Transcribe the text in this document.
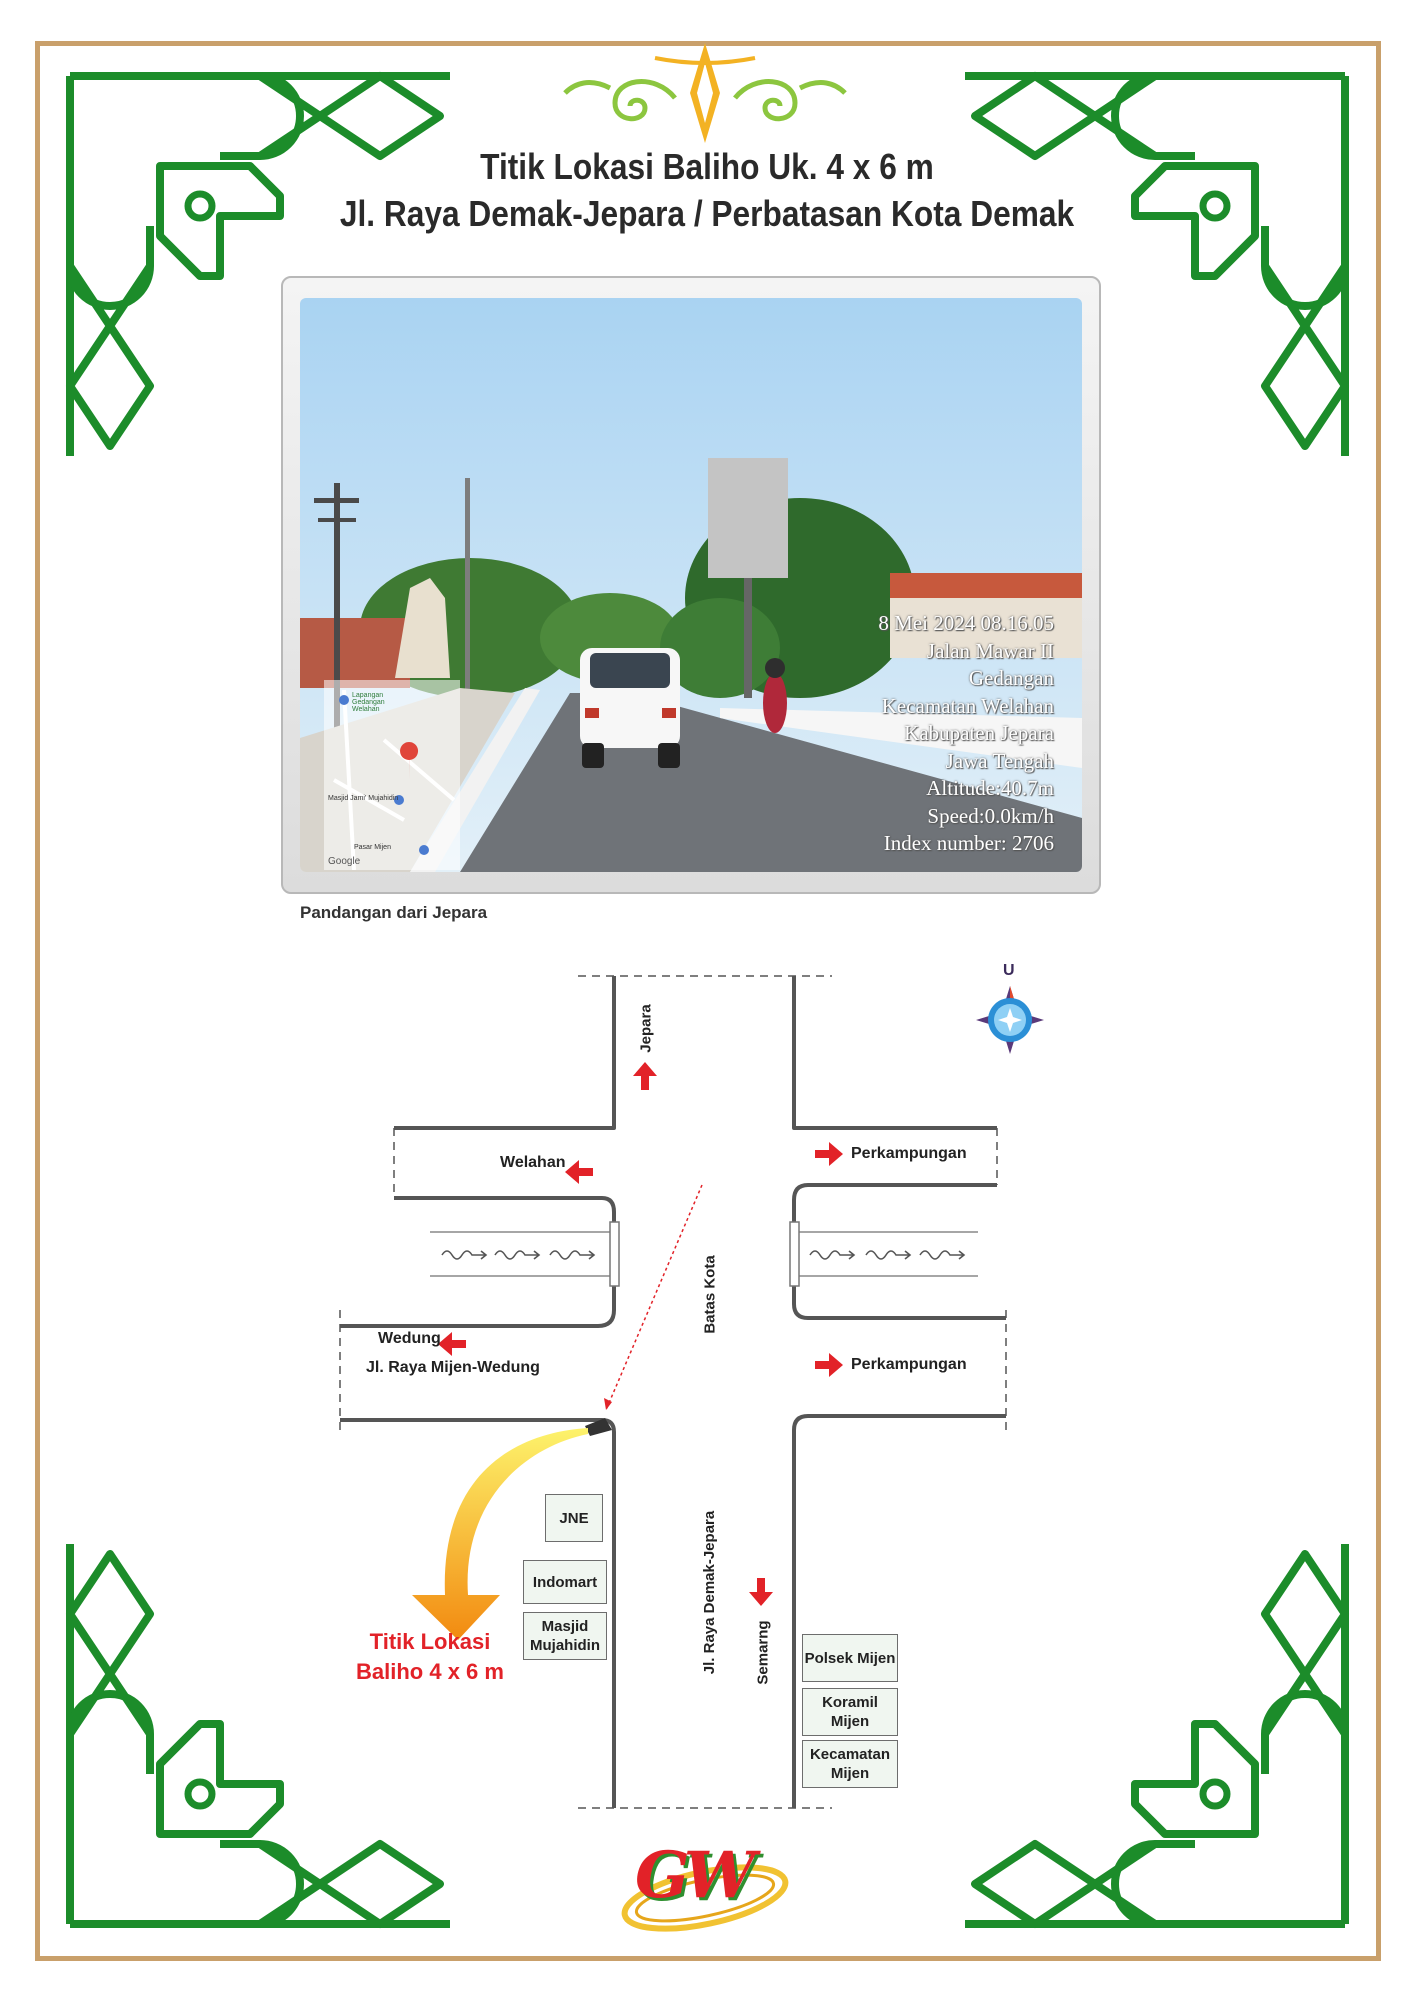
Titik Lokasi Baliho Uk. 4 x 6 m
Jl. Raya Demak-Jepara / Perbatasan Kota Demak
Lapangan Gedangan Welahan
Masjid Jami' Mujahidin
Pasar Mijen
Google
8 Mei 2024 08.16.05
Jalan Mawar II
Gedangan
Kecamatan Welahan
Kabupaten Jepara
Jawa Tengah
Altitude:40.7m
Speed:0.0km/h
Index number: 2706
Pandangan dari Jepara
U
Jepara
Welahan
Perkampungan
Wedung
Jl. Raya Mijen-Wedung
Batas Kota
Perkampungan
Jl. Raya Demak-Jepara Semarng
JNE
Indomart
Masjid Mujahidin
Polsek Mijen
Koramil Mijen
Kecamatan Mijen
Titik Lokasi
Baliho 4 x 6 m
GW
